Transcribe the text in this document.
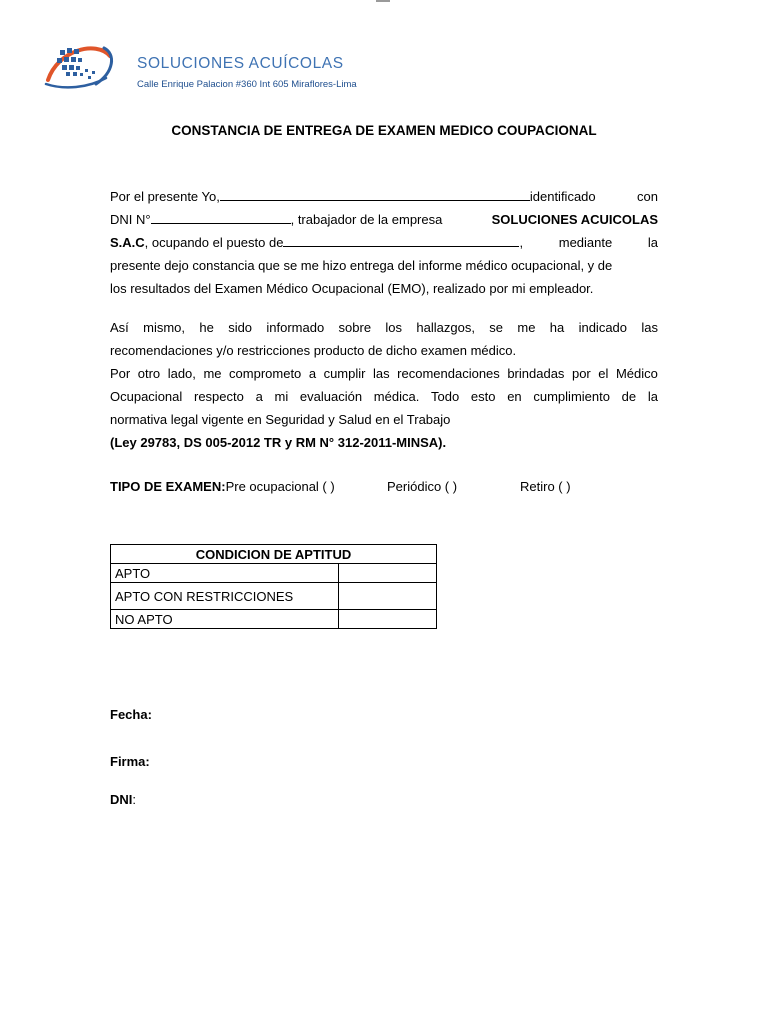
SOLUCIONES ACUÍCOLAS
Calle Enrique Palacion #360 Int 605 Miraflores-Lima
CONSTANCIA DE ENTREGA DE EXAMEN MEDICO COUPACIONAL
Por el presente Yo,	identificado	con
DNI N°	, trabajador de la empresa	SOLUCIONES ACUICOLAS
S.A.C, ocupando el puesto de	,	mediante	la
presente dejo constancia que se me hizo entrega del informe médico ocupacional, y de
los resultados del Examen Médico Ocupacional (EMO), realizado por mi empleador.
Así mismo, he sido informado sobre los hallazgos, se me ha indicado las
recomendaciones y/o restricciones producto de dicho examen médico.
Por otro lado, me comprometo a cumplir las recomendaciones brindadas por el Médico
Ocupacional respecto a mi evaluación médica. Todo esto en cumplimiento de la
normativa legal vigente en Seguridad y Salud en el Trabajo
(Ley 29783, DS 005-2012 TR y RM N° 312-2011-MINSA).
TIPO DE EXAMEN: Pre ocupacional ( )	Periódico ( )	Retiro ( )
CONDICION DE APTITUD	
APTO	
APTO CON RESTRICCIONES	
NO APTO	
Fecha:
Firma:
DNI:
